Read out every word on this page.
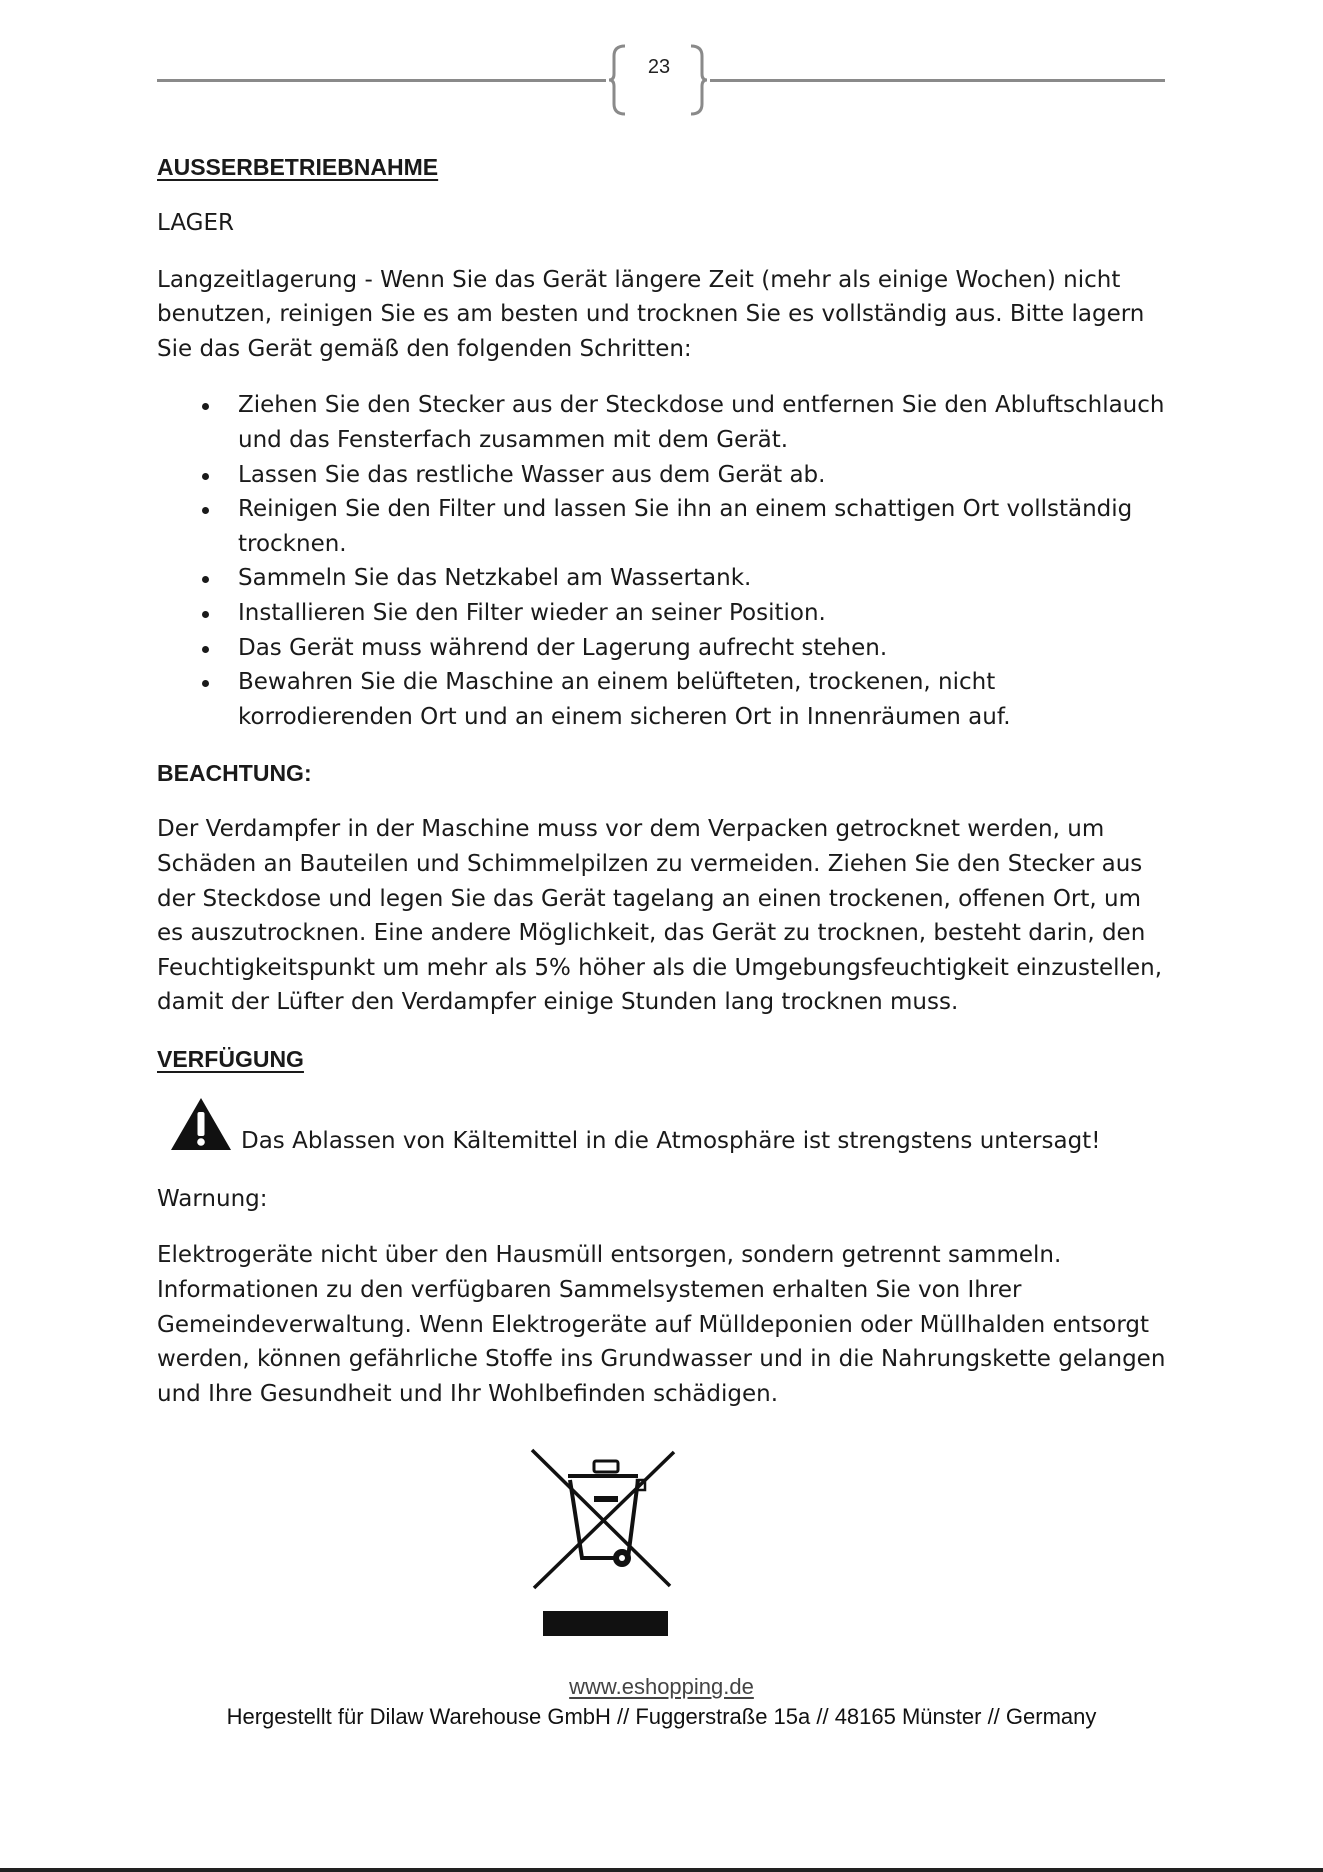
23

AUSSERBETRIEBNAHME

LAGER

Langzeitlagerung - Wenn Sie das Gerät längere Zeit (mehr als einige Wochen) nicht benutzen, reinigen Sie es am besten und trocknen Sie es vollständig aus. Bitte lagern Sie das Gerät gemäß den folgenden Schritten:

Ziehen Sie den Stecker aus der Steckdose und entfernen Sie den Abluftschlauch und das Fensterfach zusammen mit dem Gerät.
Lassen Sie das restliche Wasser aus dem Gerät ab.
Reinigen Sie den Filter und lassen Sie ihn an einem schattigen Ort vollständig trocknen.
Sammeln Sie das Netzkabel am Wassertank.
Installieren Sie den Filter wieder an seiner Position.
Das Gerät muss während der Lagerung aufrecht stehen.
Bewahren Sie die Maschine an einem belüfteten, trockenen, nicht korrodierenden Ort und an einem sicheren Ort in Innenräumen auf.

BEACHTUNG:

Der Verdampfer in der Maschine muss vor dem Verpacken getrocknet werden, um Schäden an Bauteilen und Schimmelpilzen zu vermeiden. Ziehen Sie den Stecker aus der Steckdose und legen Sie das Gerät tagelang an einen trockenen, offenen Ort, um es auszutrocknen. Eine andere Möglichkeit, das Gerät zu trocknen, besteht darin, den Feuchtigkeitspunkt um mehr als 5% höher als die Umgebungsfeuchtigkeit einzustellen, damit der Lüfter den Verdampfer einige Stunden lang trocknen muss.

VERFÜGUNG

Das Ablassen von Kältemittel in die Atmosphäre ist strengstens untersagt!

Warnung:

Elektrogeräte nicht über den Hausmüll entsorgen, sondern getrennt sammeln. Informationen zu den verfügbaren Sammelsystemen erhalten Sie von Ihrer Gemeindeverwaltung. Wenn Elektrogeräte auf Mülldeponien oder Müllhalden entsorgt werden, können gefährliche Stoffe ins Grundwasser und in die Nahrungskette gelangen und Ihre Gesundheit und Ihr Wohlbefinden schädigen.

www.eshopping.de
Hergestellt für Dilaw Warehouse GmbH // Fuggerstraße 15a // 48165 Münster // Germany
